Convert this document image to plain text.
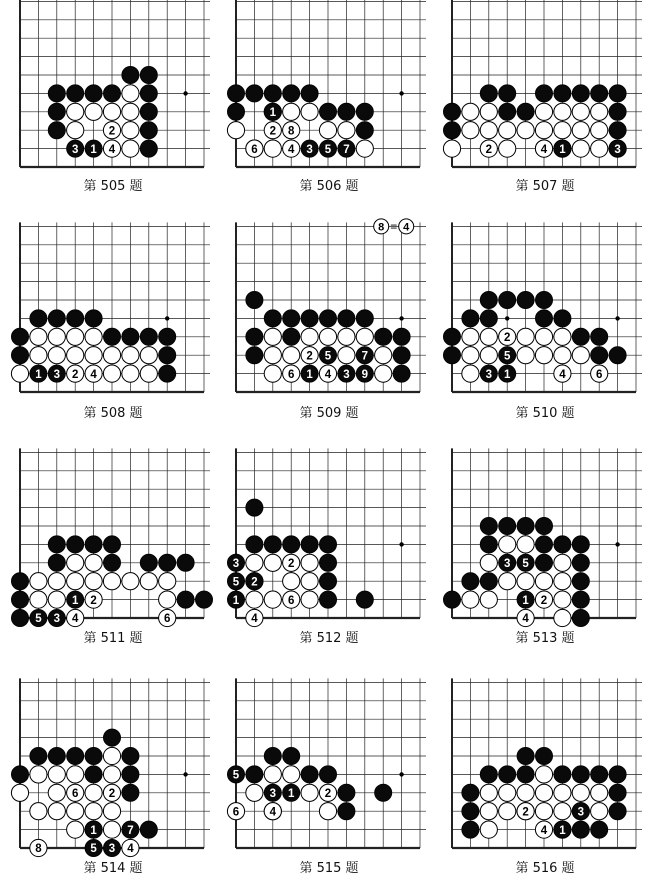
2
3 1 4
第 505 题
1
2 8
6	4 3 5 7
第 506 题
2	4 1	3
第 507 题
1 3 2 4
第 508 题
2 5	7
6 1 4 3 9
8 4
=
第 509 题
2
5
3 1	4	6
第 510 题
1 2
5 3 4	6
第 511 题
3	2
5 2
1	6
4
第 512 题
3 5
1 2
4
第 513 题
6	2
1	7
8	5 3 4
第 514 题
5
3 1	2
6	4
第 515 题
2	3
4 1
第 516 题
